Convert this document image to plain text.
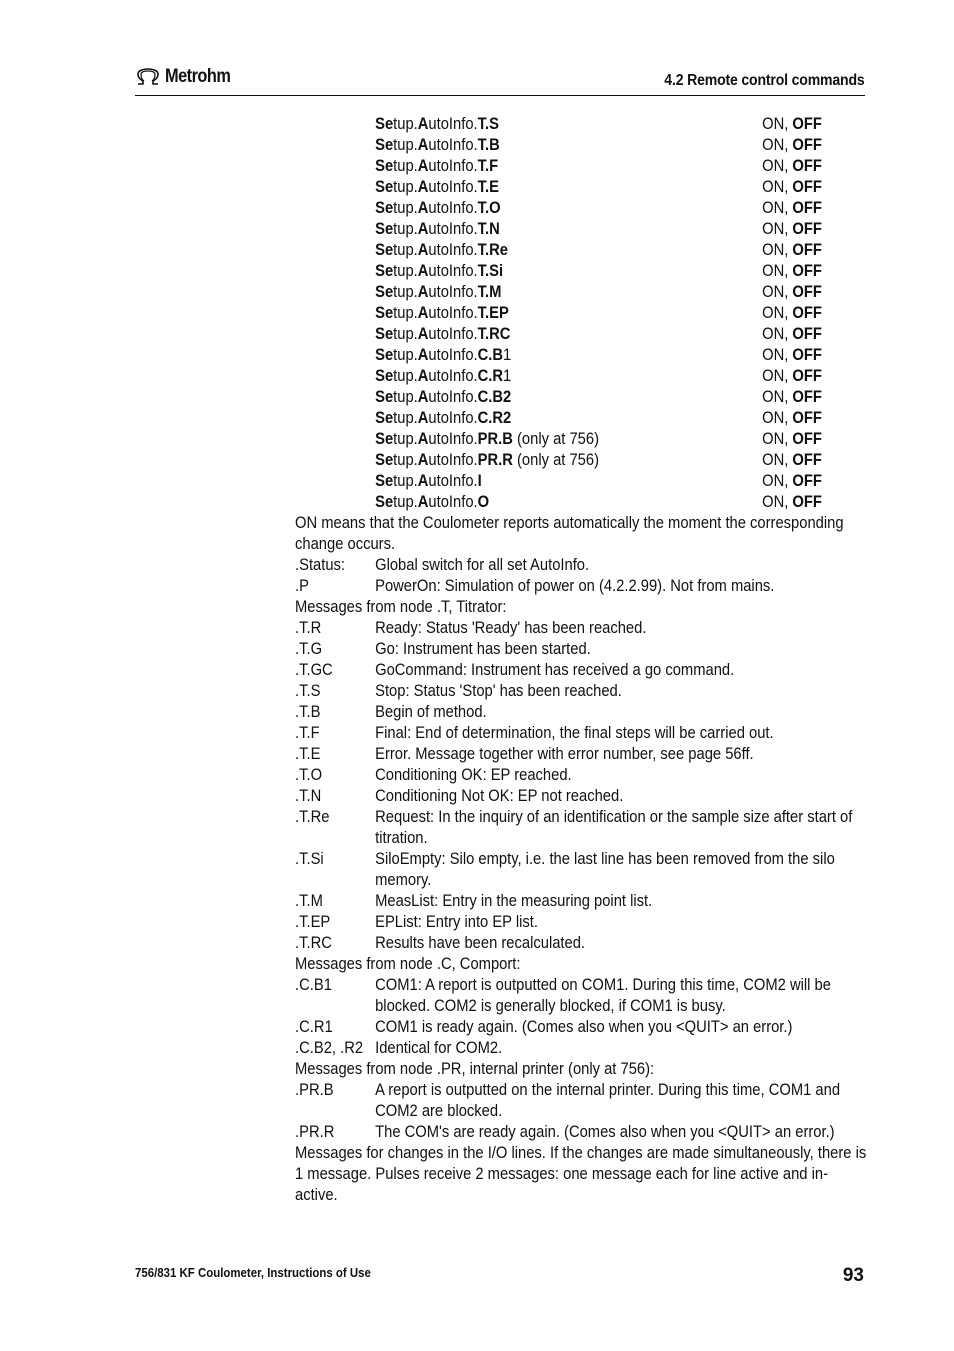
Metrohm	4.2 Remote control commands
Setup.AutoInfo.T.S	ON, OFF
Setup.AutoInfo.T.B	ON, OFF
Setup.AutoInfo.T.F	ON, OFF
Setup.AutoInfo.T.E	ON, OFF
Setup.AutoInfo.T.O	ON, OFF
Setup.AutoInfo.T.N	ON, OFF
Setup.AutoInfo.T.Re	ON, OFF
Setup.AutoInfo.T.Si	ON, OFF
Setup.AutoInfo.T.M	ON, OFF
Setup.AutoInfo.T.EP	ON, OFF
Setup.AutoInfo.T.RC	ON, OFF
Setup.AutoInfo.C.B1	ON, OFF
Setup.AutoInfo.C.R1	ON, OFF
Setup.AutoInfo.C.B2	ON, OFF
Setup.AutoInfo.C.R2	ON, OFF
Setup.AutoInfo.PR.B (only at 756)	ON, OFF
Setup.AutoInfo.PR.R (only at 756)	ON, OFF
Setup.AutoInfo.I	ON, OFF
Setup.AutoInfo.O	ON, OFF
ON means that the Coulometer reports automatically the moment the corresponding change occurs.
.Status:	Global switch for all set AutoInfo.
.P	PowerOn: Simulation of power on (4.2.2.99). Not from mains.
Messages from node .T, Titrator:
.T.R	Ready: Status 'Ready' has been reached.
.T.G	Go: Instrument has been started.
.T.GC	GoCommand: Instrument has received a go command.
.T.S	Stop: Status 'Stop' has been reached.
.T.B	Begin of method.
.T.F	Final: End of determination, the final steps will be carried out.
.T.E	Error. Message together with error number, see page 56ff.
.T.O	Conditioning OK: EP reached.
.T.N	Conditioning Not OK: EP not reached.
.T.Re	Request: In the inquiry of an identification or the sample size after start of titration.
.T.Si	SiloEmpty: Silo empty, i.e. the last line has been removed from the silo memory.
.T.M	MeasList: Entry in the measuring point list.
.T.EP	EPList: Entry into EP list.
.T.RC	Results have been recalculated.
Messages from node .C, Comport:
.C.B1	COM1: A report is outputted on COM1. During this time, COM2 will be blocked. COM2 is generally blocked, if COM1 is busy.
.C.R1	COM1 is ready again. (Comes also when you <QUIT> an error.)
.C.B2, .R2 Identical for COM2.
Messages from node .PR, internal printer (only at 756):
.PR.B	A report is outputted on the internal printer. During this time, COM1 and COM2 are blocked.
.PR.R	The COM's are ready again. (Comes also when you <QUIT> an error.)
Messages for changes in the I/O lines. If the changes are made simultaneously, there is 1 message. Pulses receive 2 messages: one message each for line active and in-active.
756/831 KF Coulometer, Instructions of Use	93
